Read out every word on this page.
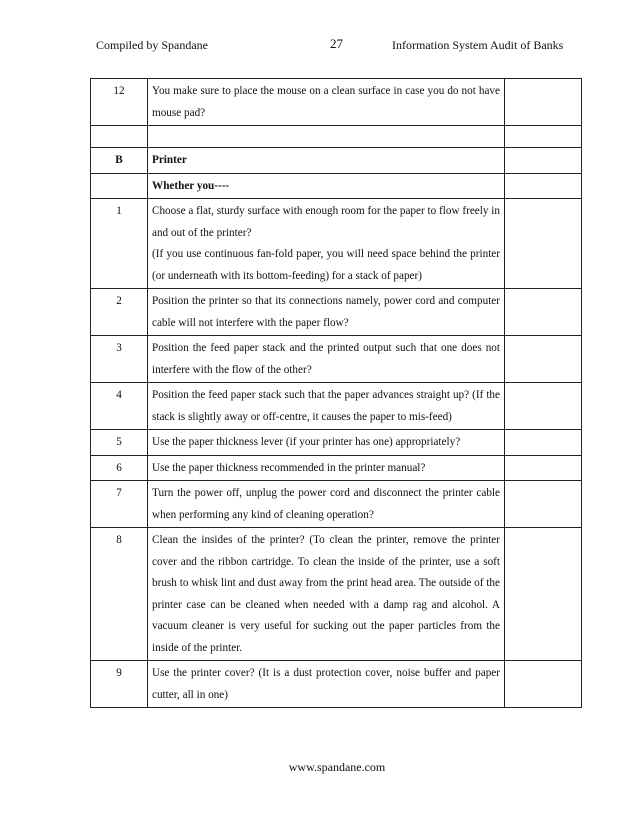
Compiled by Spandane	27	Information System Audit of Banks
12	You make sure to place the mouse on a clean surface in case you do not have mouse pad?	

B	Printer	
	Whether you----	
1	Choose a flat, sturdy surface with enough room for the paper to flow freely in and out of the printer?
(If you use continuous fan-fold paper, you will need space behind the printer (or underneath with its bottom-feeding) for a stack of paper)	

2	Position the printer so that its connections namely, power cord and computer cable will not interfere with the paper flow?	

3	Position the feed paper stack and the printed output such that one does not interfere with the flow of the other?	

4	Position the feed paper stack such that the paper advances straight up? (If the stack is slightly away or off-centre, it causes the paper to mis-feed)	

5	Use the paper thickness lever (if your printer has one) appropriately?	

6	Use the paper thickness recommended in the printer manual?	

7	Turn the power off, unplug the power cord and disconnect the printer cable when performing any kind of cleaning operation?	

8	Clean the insides of the printer? (To clean the printer, remove the printer cover and the ribbon cartridge. To clean the inside of the printer, use a soft brush to whisk lint and dust away from the print head area. The outside of the printer case can be cleaned when needed with a damp rag and alcohol. A vacuum cleaner is very useful for sucking out the paper particles from the inside of the printer.	

9	Use the printer cover? (It is a dust protection cover, noise buffer and paper cutter, all in one)	

www.spandane.com
